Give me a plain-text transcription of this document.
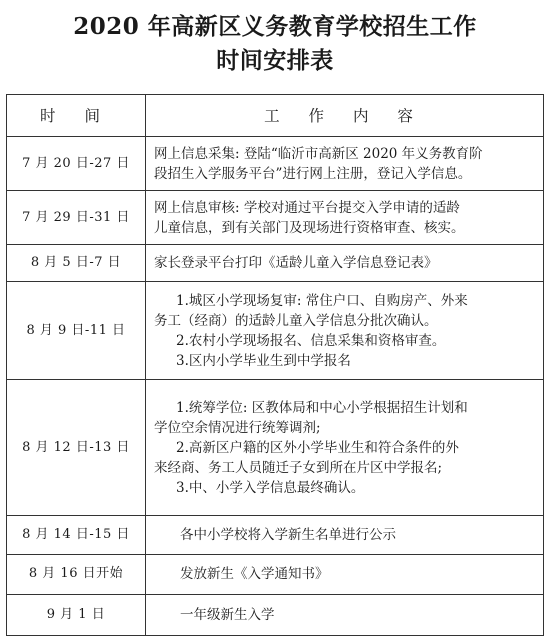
2020 年高新区义务教育学校招生工作
时间安排表
时 间	工 作 内 容
7 月 20 日-27 日	网上信息采集: 登陆“临沂市高新区 2020 年义务教育阶
段招生入学服务平台”进行网上注册，登记入学信息。

7 月 29 日-31 日	网上信息审核: 学校对通过平台提交入学申请的适龄
儿童信息，到有关部门及现场进行资格审查、核实。

8 月 5 日-7 日	家长登录平台打印《适龄儿童入学信息登记表》

8 月 9 日-11 日	1.城区小学现场复审: 常住户口、自购房产、外来
务工（经商）的适龄儿童入学信息分批次确认。
2.农村小学现场报名、信息采集和资格审查。
3.区内小学毕业生到中学报名

8 月 12 日-13 日	1.统筹学位: 区教体局和中心小学根据招生计划和
学位空余情况进行统筹调剂;
2.高新区户籍的区外小学毕业生和符合条件的外
来经商、务工人员随迁子女到所在片区中学报名;
3.中、小学入学信息最终确认。

8 月 14 日-15 日	各中小学校将入学新生名单进行公示

8 月 16 日开始	发放新生《入学通知书》

9 月 1 日	一年级新生入学
